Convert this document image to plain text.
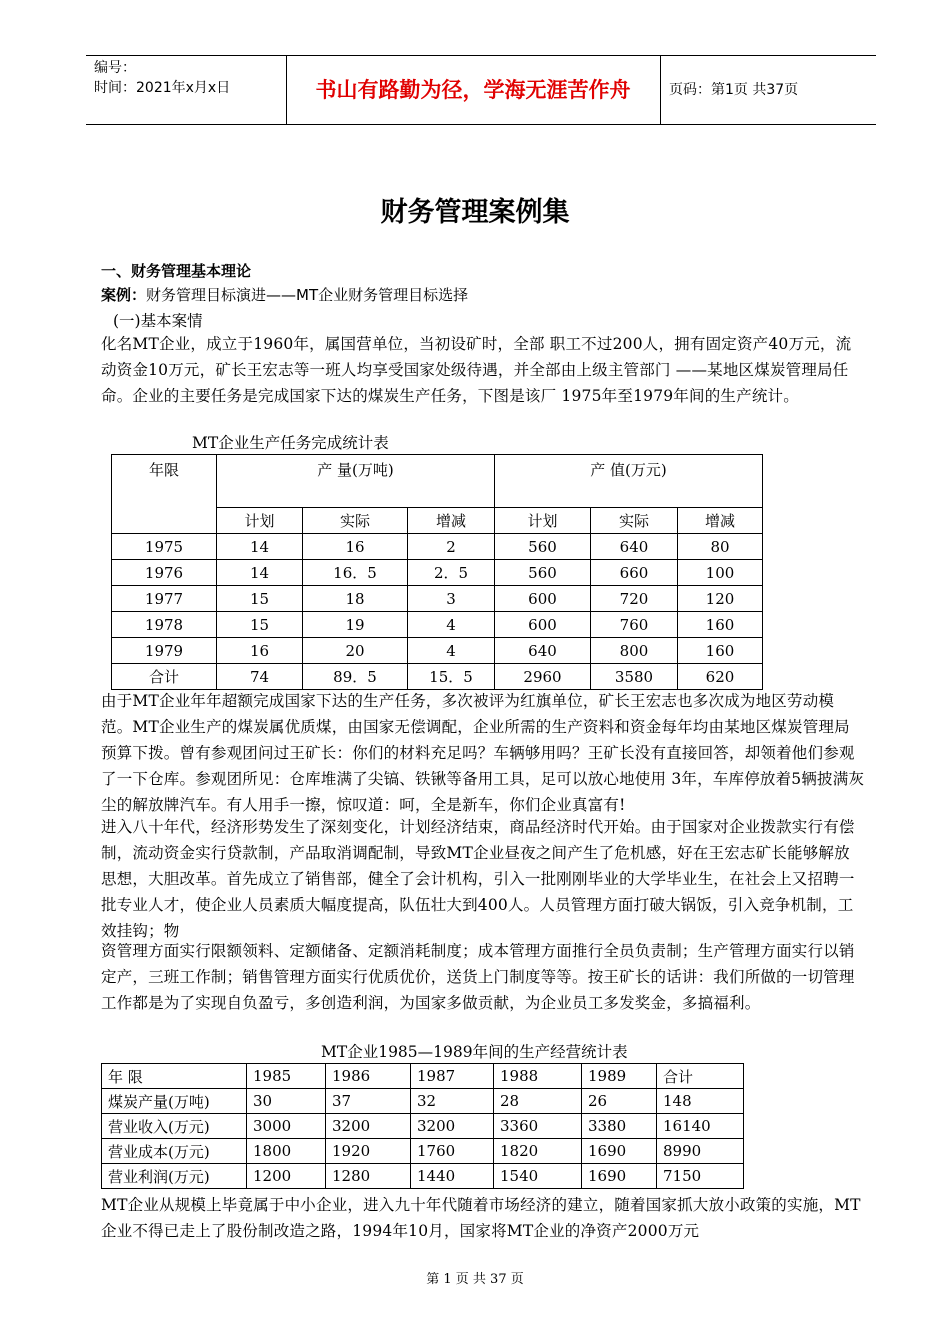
编号：
时间：2021年x月x日	书山有路勤为径，学海无涯苦作舟	页码：第1页 共37页
财务管理案例集
一、财务管理基本理论
案例：财务管理目标演进——MT企业财务管理目标选择
(一)基本案情
化名MT企业，成立于1960年，属国营单位，当初设矿时，全部 职工不过200人，拥有固定资产40万元，流动资金10万元，矿长王宏志等一班人均享受国家处级待遇，并全部由上级主管部门 ——某地区煤炭管理局任命。企业的主要任务是完成国家下达的煤炭生产任务，下图是该厂 1975年至1979年间的生产统计。
MT企业生产任务完成统计表
年限	产 量(万吨)			产 值(万元)		
	计划	实际	增减	计划	实际	增减
1975	14	16	2	560	640	80
1976	14	16．5	2．5	560	660	100
1977	15	18	3	600	720	120
1978	15	19	4	600	760	160
1979	16	20	4	640	800	160
合计	74	89．5	15．5	2960	3580	620
由于MT企业年年超额完成国家下达的生产任务，多次被评为红旗单位，矿长王宏志也多次成为地区劳动模范。MT企业生产的煤炭属优质煤，由国家无偿调配，企业所需的生产资料和资金每年均由某地区煤炭管理局预算下拨。曾有参观团问过王矿长：你们的材料充足吗？车辆够用吗？王矿长没有直接回答，却领着他们参观了一下仓库。参观团所见：仓库堆满了尖镐、铁锹等备用工具，足可以放心地使用 3年，车库停放着5辆披满灰尘的解放牌汽车。有人用手一擦，惊叹道：呵，全是新车，你们企业真富有!
进入八十年代，经济形势发生了深刻变化，计划经济结束，商品经济时代开始。由于国家对企业拨款实行有偿制，流动资金实行贷款制，产品取消调配制，导致MT企业昼夜之间产生了危机感，好在王宏志矿长能够解放思想，大胆改革。首先成立了销售部，健全了会计机构，引入一批刚刚毕业的大学毕业生，在社会上又招聘一批专业人才，使企业人员素质大幅度提高，队伍壮大到400人。人员管理方面打破大锅饭，引入竞争机制，工效挂钩；物
资管理方面实行限额领料、定额储备、定额消耗制度；成本管理方面推行全员负责制；生产管理方面实行以销定产，三班工作制；销售管理方面实行优质优价，送货上门制度等等。按王矿长的话讲：我们所做的一切管理工作都是为了实现自负盈亏，多创造利润，为国家多做贡献，为企业员工多发奖金，多搞福利。
MT企业1985—1989年间的生产经营统计表
年 限	1985	1986	1987	1988	1989	合计
煤炭产量(万吨)	30	37	32	28	26	148
营业收入(万元)	3000	3200	3200	3360	3380	16140
营业成本(万元)	1800	1920	1760	1820	1690	8990
营业利润(万元)	1200	1280	1440	1540	1690	7150
MT企业从规模上毕竟属于中小企业，进入九十年代随着市场经济的建立，随着国家抓大放小政策的实施，MT企业不得已走上了股份制改造之路，1994年10月，国家将MT企业的净资产2000万元
第 1 页 共 37 页
